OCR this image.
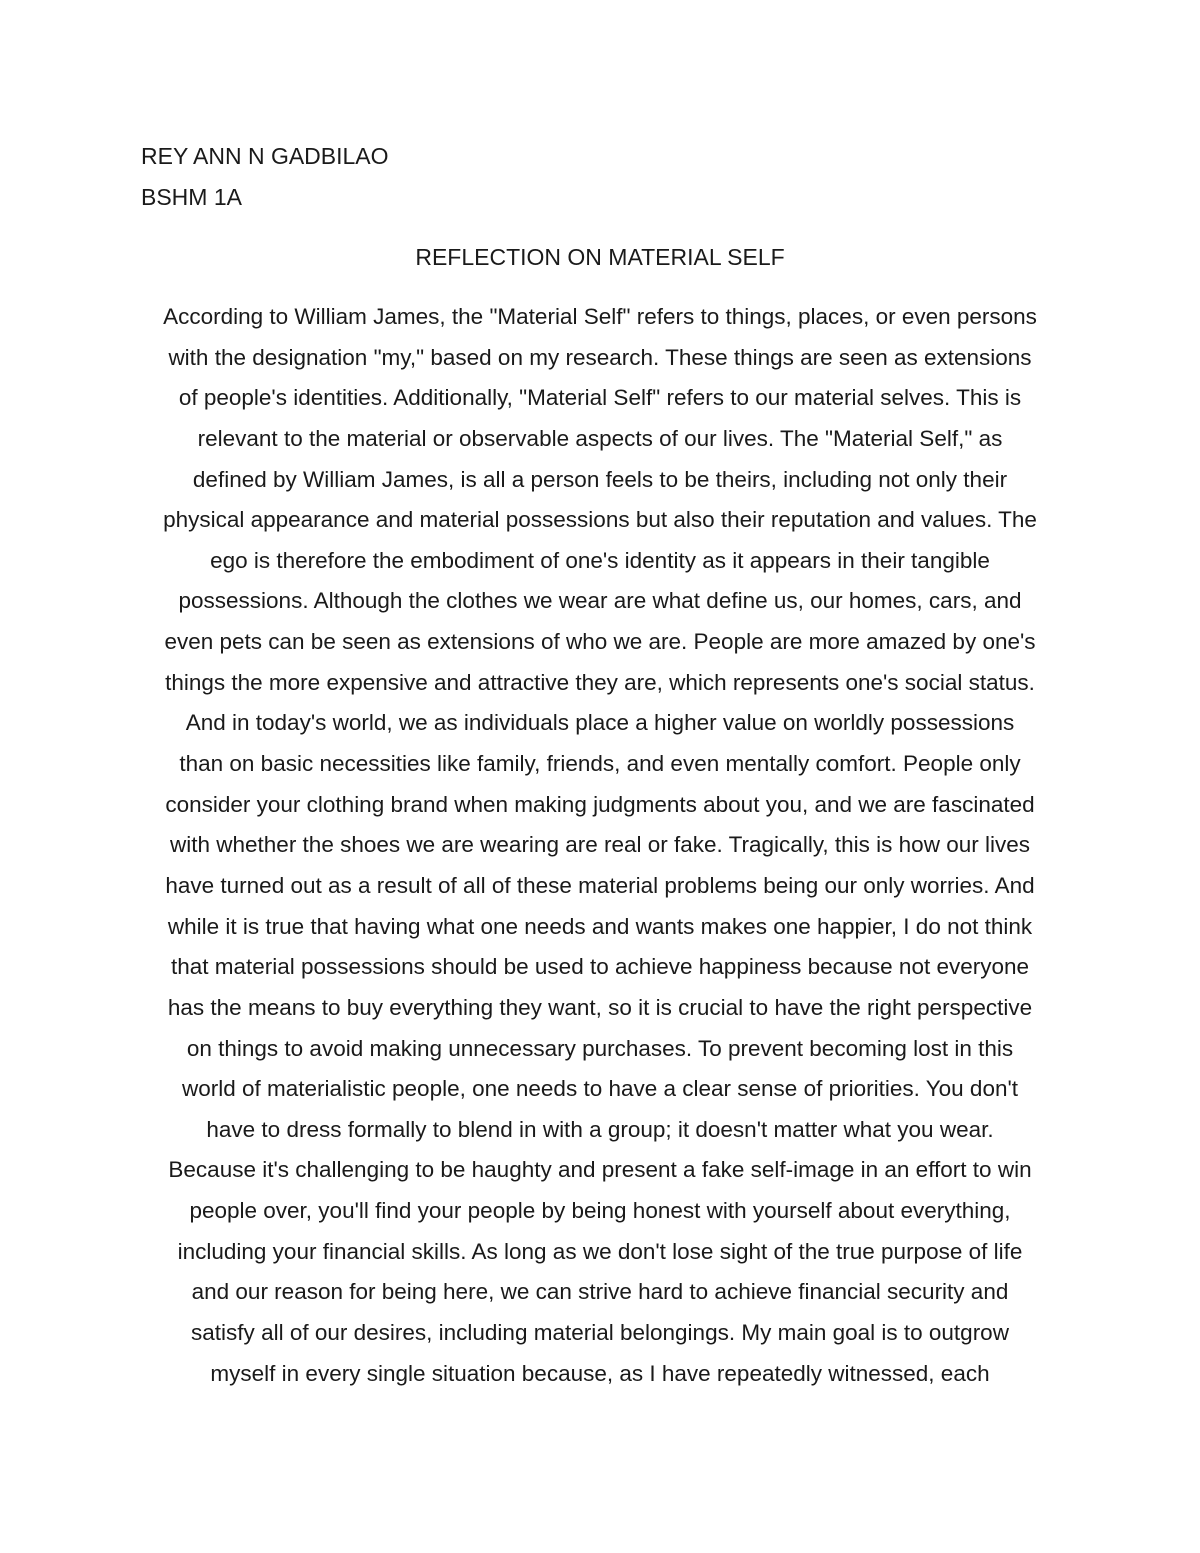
REY ANN N GADBILAO
BSHM 1A
REFLECTION ON MATERIAL SELF
According to William James, the "Material Self" refers to things, places, or even persons
with the designation "my," based on my research. These things are seen as extensions
of people's identities. Additionally, "Material Self" refers to our material selves. This is
relevant to the material or observable aspects of our lives. The "Material Self," as
defined by William James, is all a person feels to be theirs, including not only their
physical appearance and material possessions but also their reputation and values. The
ego is therefore the embodiment of one's identity as it appears in their tangible
possessions. Although the clothes we wear are what define us, our homes, cars, and
even pets can be seen as extensions of who we are. People are more amazed by one's
things the more expensive and attractive they are, which represents one's social status.
And in today's world, we as individuals place a higher value on worldly possessions
than on basic necessities like family, friends, and even mentally comfort. People only
consider your clothing brand when making judgments about you, and we are fascinated
with whether the shoes we are wearing are real or fake. Tragically, this is how our lives
have turned out as a result of all of these material problems being our only worries. And
while it is true that having what one needs and wants makes one happier, I do not think
that material possessions should be used to achieve happiness because not everyone
has the means to buy everything they want, so it is crucial to have the right perspective
on things to avoid making unnecessary purchases. To prevent becoming lost in this
world of materialistic people, one needs to have a clear sense of priorities. You don't
have to dress formally to blend in with a group; it doesn't matter what you wear.
Because it's challenging to be haughty and present a fake self-image in an effort to win
people over, you'll find your people by being honest with yourself about everything,
including your financial skills. As long as we don't lose sight of the true purpose of life
and our reason for being here, we can strive hard to achieve financial security and
satisfy all of our desires, including material belongings. My main goal is to outgrow
myself in every single situation because, as I have repeatedly witnessed, each
